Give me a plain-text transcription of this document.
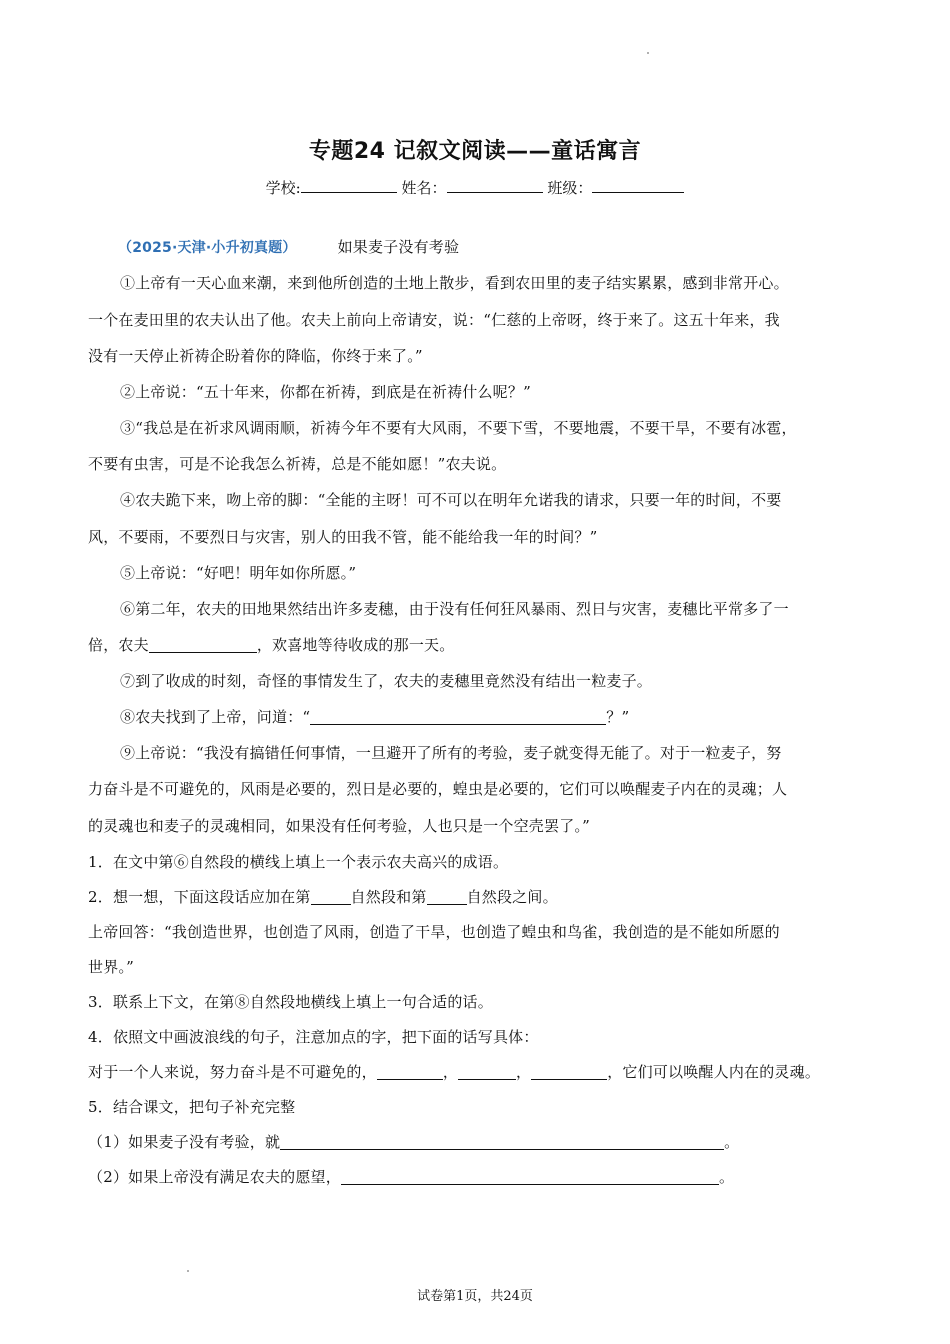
专题24 记叙文阅读——童话寓言
学校:	姓名：	班级：
（2025·天津·小升初真题）	如果麦子没有考验
①上帝有一天心血来潮，来到他所创造的土地上散步，看到农田里的麦子结实累累，感到非常开心。
一个在麦田里的农夫认出了他。农夫上前向上帝请安，说：“仁慈的上帝呀，终于来了。这五十年来，我
没有一天停止祈祷企盼着你的降临，你终于来了。”
②上帝说：“五十年来，你都在祈祷，到底是在祈祷什么呢？”
③“我总是在祈求风调雨顺，祈祷今年不要有大风雨，不要下雪，不要地震，不要干旱，不要有冰雹，
不要有虫害，可是不论我怎么祈祷，总是不能如愿！”农夫说。
④农夫跪下来，吻上帝的脚：“全能的主呀！可不可以在明年允诺我的请求，只要一年的时间，不要
风，不要雨，不要烈日与灾害，别人的田我不管，能不能给我一年的时间？”
⑤上帝说：“好吧！明年如你所愿。”
⑥第二年，农夫的田地果然结出许多麦穗，由于没有任何狂风暴雨、烈日与灾害，麦穗比平常多了一
倍，农夫	，欢喜地等待收成的那一天。
⑦到了收成的时刻，奇怪的事情发生了，农夫的麦穗里竟然没有结出一粒麦子。
⑧农夫找到了上帝，问道：“	？”
⑨上帝说：“我没有搞错任何事情，一旦避开了所有的考验，麦子就变得无能了。对于一粒麦子，努
力奋斗是不可避免的，风雨是必要的，烈日是必要的，蝗虫是必要的，它们可以唤醒麦子内在的灵魂；人
的灵魂也和麦子的灵魂相同，如果没有任何考验，人也只是一个空壳罢了。”
1．在文中第⑥自然段的横线上填上一个表示农夫高兴的成语。
2．想一想，下面这段话应加在第	自然段和第	自然段之间。
上帝回答：“我创造世界，也创造了风雨，创造了干旱，也创造了蝗虫和鸟雀，我创造的是不能如所愿的
世界。”
3．联系上下文，在第⑧自然段地横线上填上一句合适的话。
4．依照文中画波浪线的句子，注意加点的字，把下面的话写具体：
对于一个人来说，努力奋斗是不可避免的，	，	，	，它们可以唤醒人内在的灵魂。
5．结合课文，把句子补充完整
（1）如果麦子没有考验，就	。
（2）如果上帝没有满足农夫的愿望，	。
试卷第1页，共24页
